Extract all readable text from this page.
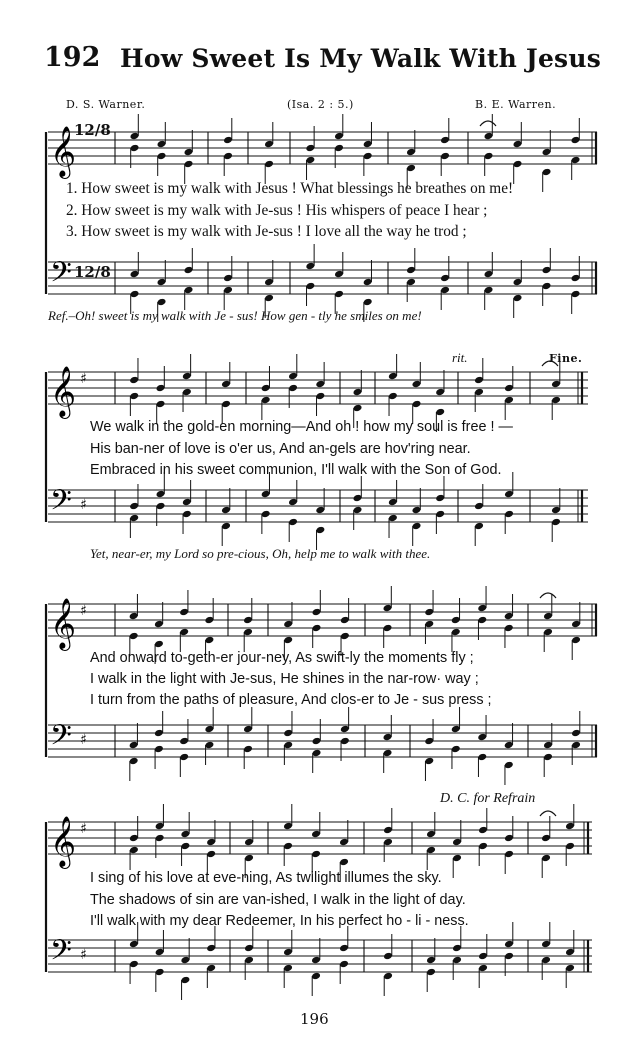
192 How Sweet Is My Walk With Jesus
D. S. Warner.	(Isa. 2 : 5.)	B. E. Warren.
𝄞
𝄢
𝄞
𝄢
♯
♯
𝄞
𝄢
♯
♯
𝄞
𝄢
♯
♯
12/8
12/8
1. How sweet is my walk with Jesus ! What blessings he breathes on me!
2. How sweet is my walk with Je-sus ! His whispers of peace I hear ;
3. How sweet is my walk with Je-sus ! I love all the way he trod ;
Ref.–Oh! sweet is my walk with Je - sus! How gen - tly he smiles on me!
rit.	Fine.
We walk in the gold-en morning—And oh ! how my soul is free ! —
His ban-ner of love is o'er us, And an-gels are hov'ring near.
Embraced in his sweet communion, I'll walk with the Son of God.
Yet, near-er, my Lord so pre-cious, Oh, help me to walk with thee.
And onward to-geth-er jour-ney, As swift-ly the moments fly ;
I walk in the light with Je-sus, He shines in the nar-row· way ;
I turn from the paths of pleasure, And clos-er to Je - sus press ;
D. C. for Refrain
I sing of his love at eve-ning, As twilight illumes the sky.
The shadows of sin are van-ished, I walk in the light of day.
I'll walk with my dear Redeemer, In his perfect ho - li - ness.
196
